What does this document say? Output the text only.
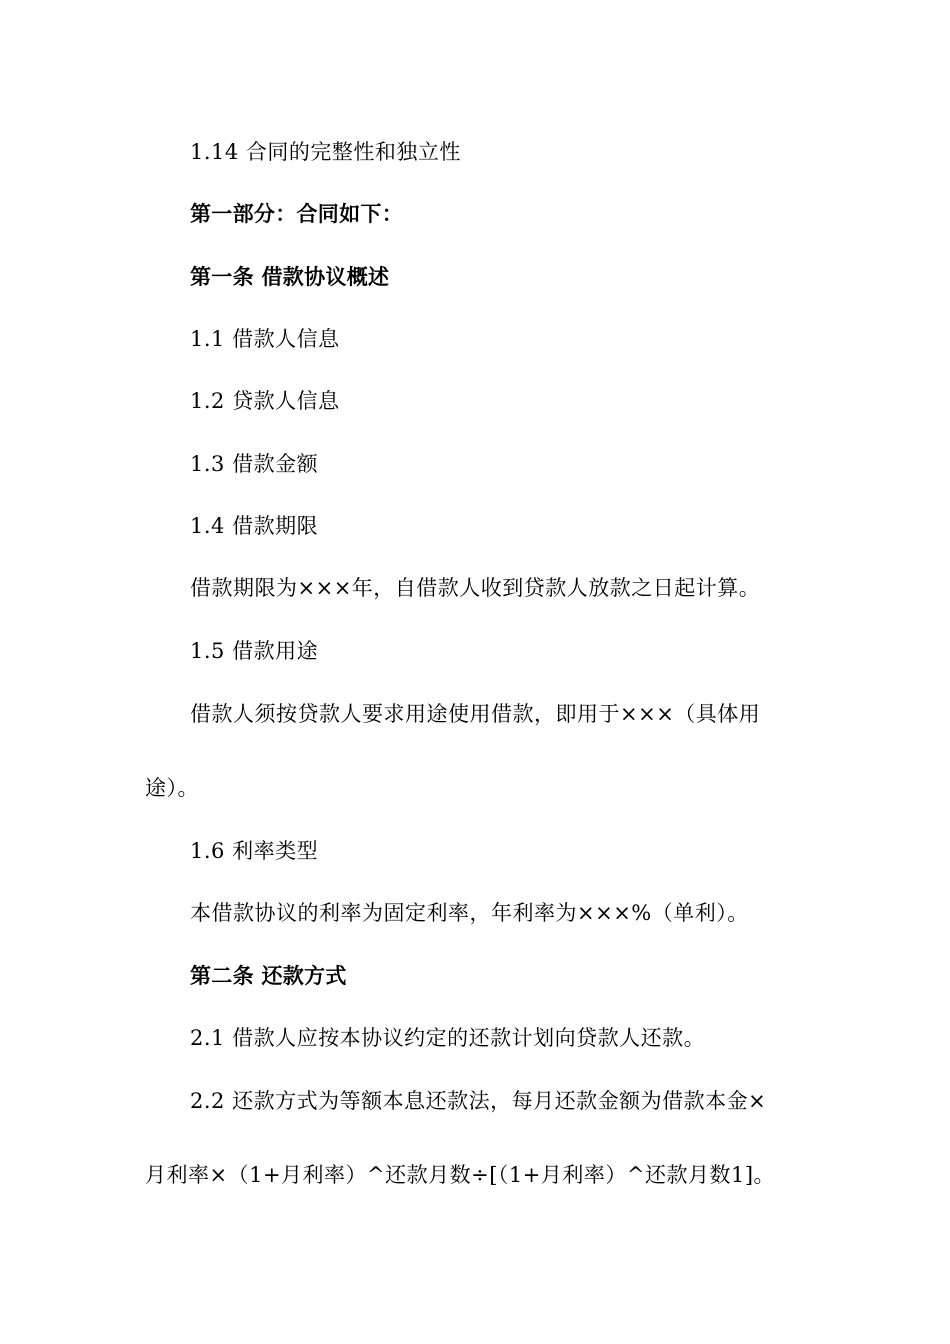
1.14 合同的完整性和独立性
第一部分：合同如下：
第一条 借款协议概述
1.1 借款人信息
1.2 贷款人信息
1.3 借款金额
1.4 借款期限
借款期限为×××年，自借款人收到贷款人放款之日起计算。
1.5 借款用途
借款人须按贷款人要求用途使用借款，即用于×××（具体用
途）。
1.6 利率类型
本借款协议的利率为固定利率，年利率为×××%（单利）。
第二条 还款方式
2.1 借款人应按本协议约定的还款计划向贷款人还款。
2.2 还款方式为等额本息还款法，每月还款金额为借款本金×
月利率×（1+月利率）^还款月数÷[（1+月利率）^还款月数1]。
